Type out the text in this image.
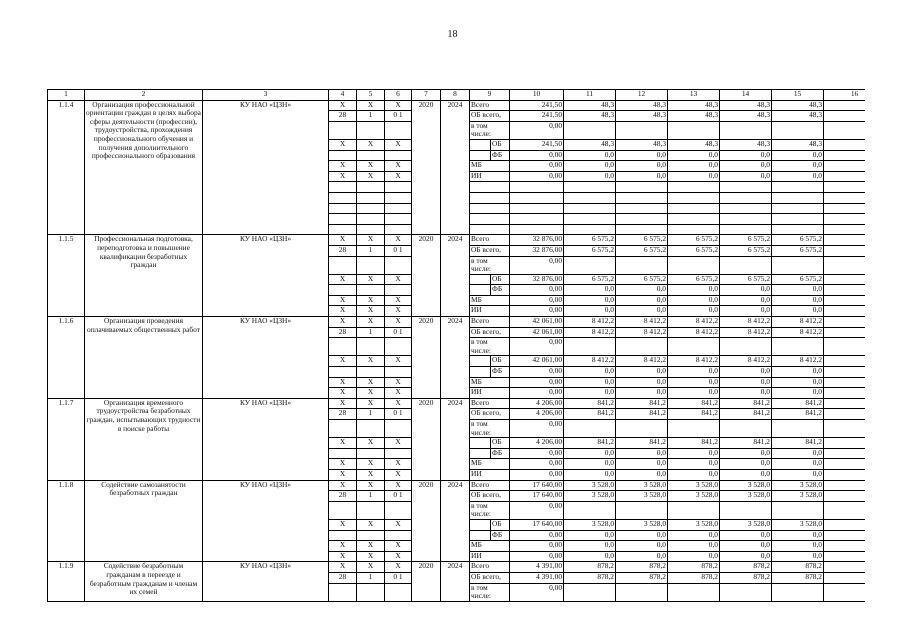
18
1	2	3	4	5	6	7	8	9		10	11	12	13	14	15	16
1.1.4	Организация профессиональной ориентации граждан в целях выбора сферы деятельности (профессии), трудоустройства, прохождения профессионального обучения и получения дополнительного профессионального образования	КУ НАО «ЦЗН»	Х	Х	Х	2020	2024	Всего		241,50	48,3	48,3	48,3	48,3	48,3	
			28	1	0 1			ОБ всего,		241,50	48,3	48,3	48,3	48,3	48,3	
								в том числе:		0,00						
			Х	Х	Х				ОБ	241,50	48,3	48,3	48,3	48,3	48,3	
									ФБ	0,00	0,0	0,0	0,0	0,0	0,0	
			Х	Х	Х			МБ		0,00	0,0	0,0	0,0	0,0	0,0	
			Х	Х	Х			ИИ		0,00	0,0	0,0	0,0	0,0	0,0	

1.1.5	Профессиональная подготовка, переподготовка и повышение квалификации безработных граждан	КУ НАО «ЦЗН»	Х	Х	Х	2020	2024	Всего		32 876,00	6 575,2	6 575,2	6 575,2	6 575,2	6 575,2	
			28	1	0 1			ОБ всего,		32 876,00	6 575,2	6 575,2	6 575,2	6 575,2	6 575,2	
								в том числе:		0,00						
			Х	Х	Х				ОБ	32 876,00	6 575,2	6 575,2	6 575,2	6 575,2	6 575,2	
									ФБ	0,00	0,0	0,0	0,0	0,0	0,0	
			Х	Х	Х			МБ		0,00	0,0	0,0	0,0	0,0	0,0	
			Х	Х	Х			ИИ		0,00	0,0	0,0	0,0	0,0	0,0	
1.1.6	Организация проведения оплачиваемых общественных работ	КУ НАО «ЦЗН»	Х	Х	Х	2020	2024	Всего		42 061,00	8 412,2	8 412,2	8 412,2	8 412,2	8 412,2	
			28	1	0 1			ОБ всего,		42 061,00	8 412,2	8 412,2	8 412,2	8 412,2	8 412,2	
								в том числе:		0,00						
			Х	Х	Х				ОБ	42 061,00	8 412,2	8 412,2	8 412,2	8 412,2	8 412,2	
									ФБ	0,00	0,0	0,0	0,0	0,0	0,0	
			Х	Х	Х			МБ		0,00	0,0	0,0	0,0	0,0	0,0	
			Х	Х	Х			ИИ		0,00	0,0	0,0	0,0	0,0	0,0	
1.1.7	Организация временного трудоустройства безработных граждан, испытывающих трудности в поиске работы	КУ НАО «ЦЗН»	Х	Х	Х	2020	2024	Всего		4 206,00	841,2	841,2	841,2	841,2	841,2	
			28	1	0 1			ОБ всего,		4 206,00	841,2	841,2	841,2	841,2	841,2	
								в том числе:		0,00						
			Х	Х	Х				ОБ	4 206,00	841,2	841,2	841,2	841,2	841,2	
									ФБ	0,00	0,0	0,0	0,0	0,0	0,0	
			Х	Х	Х			МБ		0,00	0,0	0,0	0,0	0,0	0,0	
			Х	Х	Х			ИИ		0,00	0,0	0,0	0,0	0,0	0,0	
1.1.8	Содействие самозанятости безработных граждан	КУ НАО «ЦЗН»	Х	Х	Х	2020	2024	Всего		17 640,00	3 528,0	3 528,0	3 528,0	3 528,0	3 528,0	
			28	1	0 1			ОБ всего,		17 640,00	3 528,0	3 528,0	3 528,0	3 528,0	3 528,0	
								в том числе:		0,00						
			Х	Х	Х				ОБ	17 640,00	3 528,0	3 528,0	3 528,0	3 528,0	3 528,0	
									ФБ	0,00	0,0	0,0	0,0	0,0	0,0	
			Х	Х	Х			МБ		0,00	0,0	0,0	0,0	0,0	0,0	
			Х	Х	Х			ИИ		0,00	0,0	0,0	0,0	0,0	0,0	
1.1.9	Содействие безработным гражданам в переезде и безработным гражданам и членам их семей	КУ НАО «ЦЗН»	Х	Х	Х	2020	2024	Всего		4 391,00	878,2	878,2	878,2	878,2	878,2	
			28	1	0 1			ОБ всего,		4 391,00	878,2	878,2	878,2	878,2	878,2	
								в том числе:		0,00						
